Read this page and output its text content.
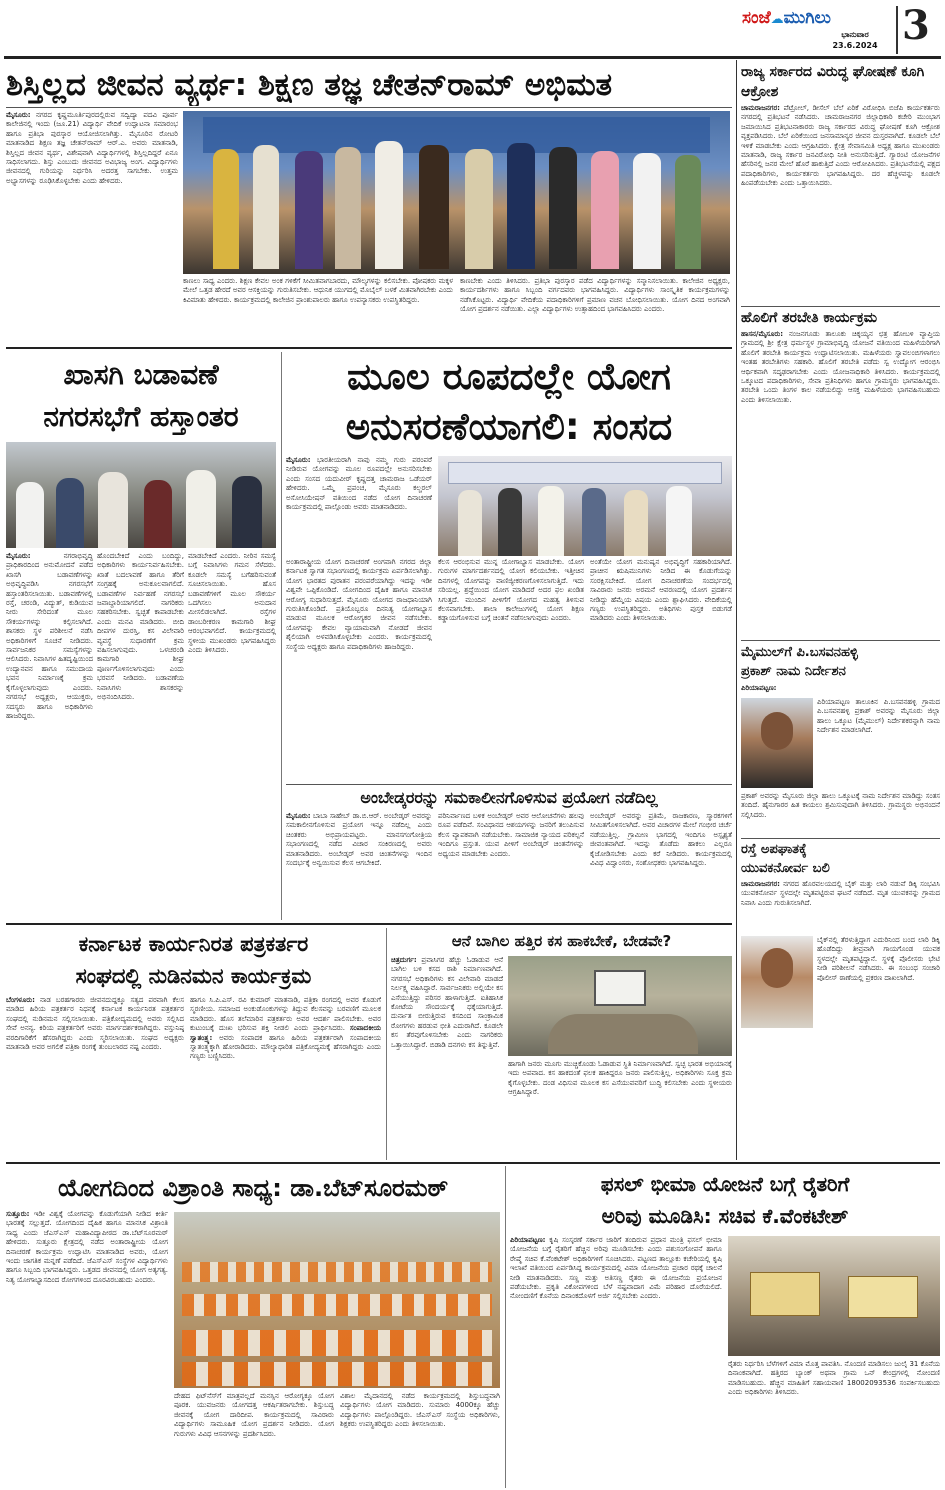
ಸಂಜೆ☁ಮುಗಿಲು
ಭಾನುವಾರ
23.6.2024 3
ಶಿಸ್ತಿಲ್ಲದ ಜೀವನ ವ್ಯರ್ಥ: ಶಿಕ್ಷಣ ತಜ್ಞ ಚೇತನ್‌ರಾಮ್ ಅಭಿಮತ
ಮೈಸೂರು: ನಗರದ ಕೃಷ್ಣಮೂರ್ತಿಪುರದಲ್ಲಿರುವ ಸದ್ವಿದ್ಯಾ ಪದವಿ ಪೂರ್ವ ಕಾಲೇಜಿನಲ್ಲಿ ಇಂದು (ಜೂ.21) ವಿದ್ಯಾರ್ಥಿ ವೇದಿಕೆ ಉದ್ಘಾಟನಾ ಸಮಾರಂಭ ಹಾಗೂ ಪ್ರತಿಭಾ ಪುರಸ್ಕಾರ ಆಯೋಜಿಸಲಾಗಿತ್ತು. ಮೈಸೂರಿನ ರೋಟರಿ ಮಾತನಾಡಿದ ಶಿಕ್ಷಣ ತಜ್ಞ ಚೇತನ್‌ರಾಮ್ ಆರ್.ಎ. ಅವರು ಮಾತನಾಡಿ, ಶಿಸ್ತಿಲ್ಲದ ಜೀವನ ವ್ಯರ್ಥ, ವಿಶೇಷವಾಗಿ ವಿದ್ಯಾರ್ಥಿಗಳಲ್ಲಿ ಶಿಸ್ತಿಲ್ಲದಿದ್ದರೆ ಏನೂ ಸಾಧಿಸಲಾಗದು. ಶಿಸ್ತು ಎಂಬುದು ಜೀವನದ ಅವಿಭಾಜ್ಯ ಅಂಗ. ವಿದ್ಯಾರ್ಥಿಗಳು ಜೀವನದಲ್ಲಿ ಗುರಿಯನ್ನು ನಿರ್ಧರಿಸಿ ಅದರತ್ತ ಸಾಗಬೇಕು. ಉತ್ತಮ ಅಭ್ಯಾಸಗಳನ್ನು ರೂಢಿಸಿಕೊಳ್ಳಬೇಕು ಎಂದು ಹೇಳಿದರು.
ಕಾಣಲು ಸಾಧ್ಯ ಎಂದರು. ಶಿಕ್ಷಣ ಕೇವಲ ಅಂಕ ಗಳಿಕೆಗೆ ಸೀಮಿತವಾಗಬಾರದು, ಮೌಲ್ಯಗಳನ್ನು ಕಲಿಸಬೇಕು. ಪೋಷಕರು ಮಕ್ಕಳ ಮೇಲೆ ಒತ್ತಡ ಹೇರದೆ ಅವರ ಆಸಕ್ತಿಯನ್ನು ಗುರುತಿಸಬೇಕು. ಆಧುನಿಕ ಯುಗದಲ್ಲಿ ಮೊಬೈಲ್ ಬಳಕೆ ಮಿತವಾಗಿರಬೇಕು ಎಂದು ಕಿವಿಮಾತು ಹೇಳಿದರು. ಕಾರ್ಯಕ್ರಮದಲ್ಲಿ ಕಾಲೇಜಿನ ಪ್ರಾಂಶುಪಾಲರು ಹಾಗೂ ಉಪನ್ಯಾಸಕರು ಉಪಸ್ಥಿತರಿದ್ದರು.
ಕಾಣಬೇಕು ಎಂದು ತಿಳಿಸಿದರು. ಪ್ರತಿಭಾ ಪುರಸ್ಕಾರ ಪಡೆದ ವಿದ್ಯಾರ್ಥಿಗಳನ್ನು ಸನ್ಮಾನಿಸಲಾಯಿತು. ಕಾಲೇಜಿನ ಅಧ್ಯಕ್ಷರು, ಕಾರ್ಯದರ್ಶಿಗಳು ಹಾಗೂ ಸಿಬ್ಬಂದಿ ವರ್ಗದವರು ಭಾಗವಹಿಸಿದ್ದರು. ವಿದ್ಯಾರ್ಥಿಗಳು ಸಾಂಸ್ಕೃತಿಕ ಕಾರ್ಯಕ್ರಮಗಳನ್ನು ನಡೆಸಿಕೊಟ್ಟರು. ವಿದ್ಯಾರ್ಥಿ ವೇದಿಕೆಯ ಪದಾಧಿಕಾರಿಗಳಿಗೆ ಪ್ರಮಾಣ ವಚನ ಬೋಧಿಸಲಾಯಿತು. ಯೋಗ ದಿನದ ಅಂಗವಾಗಿ ಯೋಗ ಪ್ರದರ್ಶನ ನಡೆಯಿತು. ಎಲ್ಲಾ ವಿದ್ಯಾರ್ಥಿಗಳು ಉತ್ಸಾಹದಿಂದ ಭಾಗವಹಿಸಿದರು ಎಂದರು.
ರಾಜ್ಯ ಸರ್ಕಾರದ ವಿರುದ್ಧ ಘೋಷಣೆ ಕೂಗಿ ಆಕ್ರೋಶ
ಚಾಮರಾಜನಗರ: ಪೆಟ್ರೋಲ್, ಡೀಸೆಲ್ ಬೆಲೆ ಏರಿಕೆ ವಿರೋಧಿಸಿ ಬಿಜೆಪಿ ಕಾರ್ಯಕರ್ತರು ನಗರದಲ್ಲಿ ಪ್ರತಿಭಟನೆ ನಡೆಸಿದರು. ಚಾಮರಾಜನಗರ ಜಿಲ್ಲಾಧಿಕಾರಿ ಕಚೇರಿ ಮುಂಭಾಗ ಜಮಾಯಿಸಿದ ಪ್ರತಿಭಟನಾಕಾರರು ರಾಜ್ಯ ಸರ್ಕಾರದ ವಿರುದ್ಧ ಘೋಷಣೆ ಕೂಗಿ ಆಕ್ರೋಶ ವ್ಯಕ್ತಪಡಿಸಿದರು. ಬೆಲೆ ಏರಿಕೆಯಿಂದ ಜನಸಾಮಾನ್ಯರ ಜೀವನ ದುಸ್ತರವಾಗಿದೆ. ಕೂಡಲೇ ಬೆಲೆ ಇಳಿಕೆ ಮಾಡಬೇಕು ಎಂದು ಆಗ್ರಹಿಸಿದರು. ಕ್ಷೇತ್ರ ಸೇವಾಸಮಿತಿ ಅಧ್ಯಕ್ಷ ಹಾಗೂ ಮುಖಂಡರು ಮಾತನಾಡಿ, ರಾಜ್ಯ ಸರ್ಕಾರ ಜನವಿರೋಧಿ ನೀತಿ ಅನುಸರಿಸುತ್ತಿದೆ. ಗ್ಯಾರಂಟಿ ಯೋಜನೆಗಳ ಹೆಸರಿನಲ್ಲಿ ಜನರ ಮೇಲೆ ಹೊರೆ ಹಾಕುತ್ತಿದೆ ಎಂದು ಆರೋಪಿಸಿದರು. ಪ್ರತಿಭಟನೆಯಲ್ಲಿ ಪಕ್ಷದ ಪದಾಧಿಕಾರಿಗಳು, ಕಾರ್ಯಕರ್ತರು ಭಾಗವಹಿಸಿದ್ದರು. ದರ ಹೆಚ್ಚಳವನ್ನು ಕೂಡಲೇ ಹಿಂಪಡೆಯಬೇಕು ಎಂದು ಒತ್ತಾಯಿಸಿದರು.
ಹೊಲಿಗೆ ತರಬೇತಿ ಕಾರ್ಯಕ್ರಮ
ಹಾಸನ/ಮೈಸೂರು: ನಂಜನಗೂಡು ತಾಲೂಕು ಚಿಕ್ಕಯ್ಯನ ಛತ್ರ ಹೋಬಳಿ ವ್ಯಾಪ್ತಿಯ ಗ್ರಾಮದಲ್ಲಿ ಶ್ರೀ ಕ್ಷೇತ್ರ ಧರ್ಮಸ್ಥಳ ಗ್ರಾಮಾಭಿವೃದ್ಧಿ ಯೋಜನೆ ವತಿಯಿಂದ ಮಹಿಳೆಯರಿಗಾಗಿ ಹೊಲಿಗೆ ತರಬೇತಿ ಕಾರ್ಯಕ್ರಮ ಉದ್ಘಾಟಿಸಲಾಯಿತು. ಮಹಿಳೆಯರು ಸ್ವಾವಲಂಬಿಗಳಾಗಲು ಇಂತಹ ತರಬೇತಿಗಳು ಸಹಕಾರಿ. ಹೊಲಿಗೆ ತರಬೇತಿ ಪಡೆದು ಸ್ವ ಉದ್ಯೋಗ ಆರಂಭಿಸಿ ಆರ್ಥಿಕವಾಗಿ ಸದೃಢರಾಗಬೇಕು ಎಂದು ಯೋಜನಾಧಿಕಾರಿ ತಿಳಿಸಿದರು. ಕಾರ್ಯಕ್ರಮದಲ್ಲಿ ಒಕ್ಕೂಟದ ಪದಾಧಿಕಾರಿಗಳು, ಸೇವಾ ಪ್ರತಿನಿಧಿಗಳು ಹಾಗೂ ಗ್ರಾಮಸ್ಥರು ಭಾಗವಹಿಸಿದ್ದರು. ತರಬೇತಿ ಒಂದು ತಿಂಗಳ ಕಾಲ ನಡೆಯಲಿದ್ದು ಆಸಕ್ತ ಮಹಿಳೆಯರು ಭಾಗವಹಿಸಬಹುದು ಎಂದು ತಿಳಿಸಲಾಯಿತು.
ಮೈಮುಲ್‌ಗೆ ಪಿ.ಬಸವನಹಳ್ಳಿ
ಪ್ರಕಾಶ್ ನಾಮ ನಿರ್ದೇಶನ
ಪಿರಿಯಾಪಟ್ಟಣ:
ಪಿರಿಯಾಪಟ್ಟಣ ತಾಲೂಕಿನ ಪಿ.ಬಸವನಹಳ್ಳಿ ಗ್ರಾಮದ ಪಿ.ಬಸವನಹಳ್ಳಿ ಪ್ರಕಾಶ್ ಅವರನ್ನು ಮೈಸೂರು ಜಿಲ್ಲಾ ಹಾಲು ಒಕ್ಕೂಟ (ಮೈಮುಲ್) ನಿರ್ದೇಶಕರನ್ನಾಗಿ ನಾಮ ನಿರ್ದೇಶನ ಮಾಡಲಾಗಿದೆ.
ಪ್ರಕಾಶ್ ಅವರನ್ನು ಮೈಸೂರು ಜಿಲ್ಲಾ ಹಾಲು ಒಕ್ಕೂಟಕ್ಕೆ ನಾಮ ನಿರ್ದೇಶನ ಮಾಡಿದ್ದು ಸಂತಸ ತಂದಿದೆ. ಹೈನುಗಾರರ ಹಿತ ಕಾಯಲು ಶ್ರಮಿಸುವುದಾಗಿ ತಿಳಿಸಿದರು. ಗ್ರಾಮಸ್ಥರು ಅಭಿನಂದನೆ ಸಲ್ಲಿಸಿದರು.
ರಸ್ತೆ ಅಪಘಾತಕ್ಕೆ
ಯುವಕನೋರ್ವ ಬಲಿ
ಚಾಮರಾಜನಗರ: ನಗರದ ಹೊರವಲಯದಲ್ಲಿ ಬೈಕ್ ಮತ್ತು ಲಾರಿ ನಡುವೆ ಡಿಕ್ಕಿ ಸಂಭವಿಸಿ ಯುವಕನೋರ್ವ ಸ್ಥಳದಲ್ಲೇ ಮೃತಪಟ್ಟಿರುವ ಘಟನೆ ನಡೆದಿದೆ. ಮೃತ ಯುವಕನನ್ನು ಗ್ರಾಮದ ನಿವಾಸಿ ಎಂದು ಗುರುತಿಸಲಾಗಿದೆ.
ಬೈಕ್‌ನಲ್ಲಿ ತೆರಳುತ್ತಿದ್ದಾಗ ಎದುರಿನಿಂದ ಬಂದ ಲಾರಿ ಡಿಕ್ಕಿ ಹೊಡೆದಿದ್ದು ತೀವ್ರವಾಗಿ ಗಾಯಗೊಂಡ ಯುವಕ ಸ್ಥಳದಲ್ಲೇ ಮೃತಪಟ್ಟಿದ್ದಾನೆ. ಸ್ಥಳಕ್ಕೆ ಪೊಲೀಸರು ಭೇಟಿ ನೀಡಿ ಪರಿಶೀಲನೆ ನಡೆಸಿದರು. ಈ ಸಂಬಂಧ ಸಂಚಾರಿ ಪೊಲೀಸ್ ಠಾಣೆಯಲ್ಲಿ ಪ್ರಕರಣ ದಾಖಲಾಗಿದೆ.
ಖಾಸಗಿ ಬಡಾವಣೆ
ನಗರಸಭೆಗೆ ಹಸ್ತಾಂತರ
ಮೈಸೂರು:	ನಗರಾಭಿವೃದ್ಧಿ ಪ್ರಾಧಿಕಾರದಿಂದ ಅನುಮೋದನೆ ಪಡೆದ ಖಾಸಗಿ ಬಡಾವಣೆಗಳನ್ನು ಅಭಿವೃದ್ಧಿಪಡಿಸಿ ನಗರಸಭೆಗೆ ಹಸ್ತಾಂತರಿಸಲಾಯಿತು. ಬಡಾವಣೆಗಳಲ್ಲಿ ರಸ್ತೆ, ಚರಂಡಿ, ವಿದ್ಯುತ್, ಕುಡಿಯುವ ನೀರು ಸೇರಿದಂತೆ ಮೂಲ ಸೌಕರ್ಯಗಳನ್ನು ಕಲ್ಪಿಸಲಾಗಿದೆ. ಶಾಸಕರು ಸ್ಥಳ ಪರಿಶೀಲನೆ ನಡೆಸಿ ಅಧಿಕಾರಿಗಳಿಗೆ ಸೂಚನೆ ನೀಡಿದರು. ಸಾರ್ವಜನಿಕರ ಸಮಸ್ಯೆಗಳನ್ನು ಆಲಿಸಿದರು. ನಿವಾಸಿಗಳ ಹಿತದೃಷ್ಟಿಯಿಂದ ಉದ್ಯಾನವನ ಹಾಗೂ ಸಮುದಾಯ ಭವನ ನಿರ್ಮಾಣಕ್ಕೆ ಕ್ರಮ ಕೈಗೊಳ್ಳಲಾಗುವುದು ಎಂದರು. ನಗರಸಭೆ ಅಧ್ಯಕ್ಷರು, ಆಯುಕ್ತರು, ಸದಸ್ಯರು ಹಾಗೂ ಅಧಿಕಾರಿಗಳು ಹಾಜರಿದ್ದರು.
ಹೊಂದಬೇಕಿದೆ ಎಂದು ಬಂದಿದ್ದು, ಅಧಿಕಾರಿಗಳು ಕಾರ್ಯನಿರ್ವಹಿಸಬೇಕು. ಖಾತೆ ಬದಲಾವಣೆ ಹಾಗೂ ತೆರಿಗೆ ಸಂಗ್ರಹಕ್ಕೆ ಅನುಕೂಲವಾಗಲಿದೆ. ಬಡಾವಣೆಗಳ ನಿರ್ವಹಣೆ ನಗರಸಭೆ ಜವಾಬ್ದಾರಿಯಾಗಲಿದೆ. ನಾಗರಿಕರು ಸಹಕರಿಸಬೇಕು. ಸ್ವಚ್ಛತೆ ಕಾಪಾಡಬೇಕು ಎಂದು ಮನವಿ ಮಾಡಿದರು. ಬೀದಿ ದೀಪಗಳ ದುರಸ್ತಿ, ಕಸ ವಿಲೇವಾರಿ ವ್ಯವಸ್ಥೆ ಸುಧಾರಣೆಗೆ ಕ್ರಮ ವಹಿಸಲಾಗುವುದು. ಒಳಚರಂಡಿ ಕಾಮಗಾರಿ ಶೀಘ್ರ ಪೂರ್ಣಗೊಳಿಸಲಾಗುವುದು ಎಂದು ಭರವಸೆ ನೀಡಿದರು. ಬಡಾವಣೆಯ ನಿವಾಸಿಗಳು ಶಾಸಕರನ್ನು ಅಭಿನಂದಿಸಿದರು.
ಮಾಡಬೇಕಿದೆ ಎಂದರು. ನೀರಿನ ಸಮಸ್ಯೆ ಬಗ್ಗೆ ನಿವಾಸಿಗಳು ಗಮನ ಸೆಳೆದರು. ಕೂಡಲೇ ಸಮಸ್ಯೆ ಬಗೆಹರಿಸುವಂತೆ ಸೂಚಿಸಲಾಯಿತು. ಹೊಸ ಬಡಾವಣೆಗಳಿಗೆ ಮೂಲ ಸೌಕರ್ಯ ಒದಗಿಸಲು ಅನುದಾನ ಮೀಸಲಿಡಲಾಗಿದೆ. ರಸ್ತೆಗಳ ಡಾಂಬರೀಕರಣ ಕಾಮಗಾರಿ ಶೀಘ್ರ ಆರಂಭವಾಗಲಿದೆ. ಕಾರ್ಯಕ್ರಮದಲ್ಲಿ ಸ್ಥಳೀಯ ಮುಖಂಡರು ಭಾಗವಹಿಸಿದ್ದರು ಎಂದು ತಿಳಿಸಿದರು.
ಮೂಲ ರೂಪದಲ್ಲೇ ಯೋಗ
ಅನುಸರಣೆಯಾಗಲಿ: ಸಂಸದ
ಮೈಸೂರು: ಭಾರತೀಯರಾಗಿ ನಾವು ನಮ್ಮ ಗುರು ಪರಂಪರೆ ನೀಡಿರುವ ಯೋಗವನ್ನು ಮೂಲ ರೂಪದಲ್ಲೇ ಅನುಸರಿಸಬೇಕು ಎಂದು ಸಂಸದ ಯದುವೀರ್ ಕೃಷ್ಣದತ್ತ ಚಾಮರಾಜ ಒಡೆಯರ್ ಹೇಳಿದರು. ಒಮ್ಮೆ ಪ್ರಪಂಚ, ಮೈಸೂರು ಕಲ್ಚರಲ್ ಅಸೋಸಿಯೇಷನ್ ವತಿಯಿಂದ ನಡೆದ ಯೋಗ ದಿನಾಚರಣೆ ಕಾರ್ಯಕ್ರಮದಲ್ಲಿ ಪಾಲ್ಗೊಂಡು ಅವರು ಮಾತನಾಡಿದರು.
ಅಂತಾರಾಷ್ಟ್ರೀಯ ಯೋಗ ದಿನಾಚರಣೆ ಅಂಗವಾಗಿ ನಗರದ ಜಿಲ್ಲಾ ಕರ್ನಾಟಕ ಸ್ವಾಗತ ಸಭಾಂಗಣದಲ್ಲಿ ಕಾರ್ಯಕ್ರಮ ಏರ್ಪಡಿಸಲಾಗಿತ್ತು. ಯೋಗ ಭಾರತದ ಪುರಾತನ ಪರಂಪರೆಯಾಗಿದ್ದು ಇದನ್ನು ಇಡೀ ವಿಶ್ವವೇ ಒಪ್ಪಿಕೊಂಡಿದೆ. ಯೋಗದಿಂದ ದೈಹಿಕ ಹಾಗೂ ಮಾನಸಿಕ ಆರೋಗ್ಯ ಸುಧಾರಿಸುತ್ತದೆ. ಮೈಸೂರು ಯೋಗದ ರಾಜಧಾನಿಯಾಗಿ ಗುರುತಿಸಿಕೊಂಡಿದೆ. ಪ್ರತಿಯೊಬ್ಬರೂ ದಿನನಿತ್ಯ ಯೋಗಾಭ್ಯಾಸ ಮಾಡುವ ಮೂಲಕ ಆರೋಗ್ಯಕರ ಜೀವನ ನಡೆಸಬೇಕು. ಯೋಗವನ್ನು ಕೇವಲ ವ್ಯಾಯಾಮವಾಗಿ ನೋಡದೆ ಜೀವನ ಶೈಲಿಯಾಗಿ ಅಳವಡಿಸಿಕೊಳ್ಳಬೇಕು ಎಂದರು. ಕಾರ್ಯಕ್ರಮದಲ್ಲಿ ಸಂಸ್ಥೆಯ ಅಧ್ಯಕ್ಷರು ಹಾಗೂ ಪದಾಧಿಕಾರಿಗಳು ಹಾಜರಿದ್ದರು.
ಕೆಲಸ ಆರಂಭಿಸುವ ಮುನ್ನ ಯೋಗಾಭ್ಯಾಸ ಮಾಡಬೇಕು. ಯೋಗ ಗುರುಗಳ ಮಾರ್ಗದರ್ಶನದಲ್ಲಿ ಯೋಗ ಕಲಿಯಬೇಕು. ಇತ್ತೀಚಿನ ದಿನಗಳಲ್ಲಿ ಯೋಗವನ್ನು ವಾಣಿಜ್ಯೀಕರಣಗೊಳಿಸಲಾಗುತ್ತಿದೆ. ಇದು ಸರಿಯಲ್ಲ. ಶ್ರದ್ಧೆಯಿಂದ ಯೋಗ ಮಾಡಿದರೆ ಅದರ ಫಲ ಖಂಡಿತ ಸಿಗುತ್ತದೆ. ಮುಂದಿನ ಪೀಳಿಗೆಗೆ ಯೋಗದ ಮಹತ್ವ ತಿಳಿಸುವ ಕೆಲಸವಾಗಬೇಕು. ಶಾಲಾ ಕಾಲೇಜುಗಳಲ್ಲಿ ಯೋಗ ಶಿಕ್ಷಣ ಕಡ್ಡಾಯಗೊಳಿಸುವ ಬಗ್ಗೆ ಚಿಂತನೆ ನಡೆಸಲಾಗುವುದು ಎಂದರು.
ಅಂತೆಯೇ ಯೋಗ ಮನುಷ್ಯನ ಅಭಿವೃದ್ಧಿಗೆ ಸಹಕಾರಿಯಾಗಿದೆ. ಪ್ರಾಚೀನ ಋಷಿಮುನಿಗಳು ನೀಡಿದ ಈ ಕೊಡುಗೆಯನ್ನು ಸಂರಕ್ಷಿಸಬೇಕಿದೆ. ಯೋಗ ದಿನಾಚರಣೆಯ ಸಂದರ್ಭದಲ್ಲಿ ಸಾವಿರಾರು ಜನರು ಅರಮನೆ ಆವರಣದಲ್ಲಿ ಯೋಗ ಪ್ರದರ್ಶನ ನೀಡಿದ್ದು ಹೆಮ್ಮೆಯ ವಿಷಯ ಎಂದು ಶ್ಲಾಘಿಸಿದರು. ವೇದಿಕೆಯಲ್ಲಿ ಗಣ್ಯರು ಉಪಸ್ಥಿತರಿದ್ದರು. ಅತಿಥಿಗಳು ಪುಸ್ತಕ ಬಿಡುಗಡೆ ಮಾಡಿದರು ಎಂದು ತಿಳಿಸಲಾಯಿತು.
ಅಂಬೇಡ್ಕರರನ್ನು ಸಮಕಾಲೀನಗೊಳಿಸುವ ಪ್ರಯೋಗ ನಡೆದಿಲ್ಲ
ಮೈಸೂರು: ಬಾಬಾ ಸಾಹೇಬ್ ಡಾ.ಬಿ.ಆರ್. ಅಂಬೇಡ್ಕರ್ ಅವರನ್ನು ಸಮಕಾಲೀನಗೊಳಿಸುವ ಪ್ರಯೋಗ ಇನ್ನೂ ನಡೆದಿಲ್ಲ ಎಂದು ಚಿಂತಕರು ಅಭಿಪ್ರಾಯಪಟ್ಟರು. ಮಾನಸಗಂಗೋತ್ರಿಯ ಸಭಾಂಗಣದಲ್ಲಿ ನಡೆದ ವಿಚಾರ ಸಂಕಿರಣದಲ್ಲಿ ಅವರು ಮಾತನಾಡಿದರು. ಅಂಬೇಡ್ಕರ್ ಅವರ ಚಿಂತನೆಗಳನ್ನು ಇಂದಿನ ಸಂದರ್ಭಕ್ಕೆ ಅನ್ವಯಿಸುವ ಕೆಲಸ ಆಗಬೇಕಿದೆ.
ಪರಿನಿರ್ವಾಣದ ಬಳಿಕ ಅಂಬೇಡ್ಕರ್ ಅವರ ಆಲೋಚನೆಗಳು ಹಲವು ರೂಪ ಪಡೆದಿವೆ. ಸಂವಿಧಾನದ ಆಶಯಗಳನ್ನು ಜನರಿಗೆ ತಲುಪಿಸುವ ಕೆಲಸ ವ್ಯಾಪಕವಾಗಿ ನಡೆಯಬೇಕು. ಸಾಮಾಜಿಕ ನ್ಯಾಯದ ಪರಿಕಲ್ಪನೆ ಇಂದಿಗೂ ಪ್ರಸ್ತುತ. ಯುವ ಪೀಳಿಗೆ ಅಂಬೇಡ್ಕರ್ ಚಿಂತನೆಗಳನ್ನು ಅಧ್ಯಯನ ಮಾಡಬೇಕು ಎಂದರು.
ಅಂಬೇಡ್ಕರ್ ಅವರನ್ನು ಪ್ರತಿಮೆ, ರಾಜಕಾರಣ, ಸ್ಮಾರಕಗಳಿಗೆ ಸೀಮಿತಗೊಳಿಸಲಾಗಿದೆ. ಅವರ ವಿಚಾರಗಳ ಮೇಲೆ ಗಂಭೀರ ಚರ್ಚೆ ನಡೆಯುತ್ತಿಲ್ಲ. ಗ್ರಾಮೀಣ ಭಾಗದಲ್ಲಿ ಇಂದಿಗೂ ಅಸ್ಪೃಶ್ಯತೆ ಜೀವಂತವಾಗಿದೆ. ಇದನ್ನು ತೊಡೆದು ಹಾಕಲು ಎಲ್ಲರೂ ಕೈಜೋಡಿಸಬೇಕು ಎಂದು ಕರೆ ನೀಡಿದರು. ಕಾರ್ಯಕ್ರಮದಲ್ಲಿ ವಿವಿಧ ವಿದ್ವಾಂಸರು, ಸಂಶೋಧಕರು ಭಾಗವಹಿಸಿದ್ದರು.
ಕರ್ನಾಟಕ ಕಾರ್ಯನಿರತ ಪತ್ರಕರ್ತರ
ಸಂಘದಲ್ಲಿ ನುಡಿನಮನ ಕಾರ್ಯಕ್ರಮ
ಬೆಂಗಳೂರು: ನಾಡ ಬರಹಗಾರರು ಜೀವನದುದ್ದಕ್ಕೂ ಸತ್ಯದ ಪರವಾಗಿ ಕೆಲಸ ಮಾಡಿದ ಹಿರಿಯ ಪತ್ರಕರ್ತರ ನಿಧನಕ್ಕೆ ಕರ್ನಾಟಕ ಕಾರ್ಯನಿರತ ಪತ್ರಕರ್ತರ ಸಂಘದಲ್ಲಿ ನುಡಿನಮನ ಸಲ್ಲಿಸಲಾಯಿತು. ಪತ್ರಿಕೋದ್ಯಮದಲ್ಲಿ ಅವರು ಸಲ್ಲಿಸಿದ ಸೇವೆ ಅನನ್ಯ. ಕಿರಿಯ ಪತ್ರಕರ್ತರಿಗೆ ಅವರು ಮಾರ್ಗದರ್ಶಕರಾಗಿದ್ದರು. ವಸ್ತುನಿಷ್ಠ ವರದಿಗಾರಿಕೆಗೆ ಹೆಸರಾಗಿದ್ದರು ಎಂದು ಸ್ಮರಿಸಲಾಯಿತು. ಸಂಘದ ಅಧ್ಯಕ್ಷರು ಮಾತನಾಡಿ ಅವರ ಅಗಲಿಕೆ ಪತ್ರಿಕಾ ರಂಗಕ್ಕೆ ತುಂಬಲಾರದ ನಷ್ಟ ಎಂದರು.
ಹಾಗೂ ಸಿ.ಪಿ.ಎಸ್. ರವಿ ಕುಮಾರ್ ಮಾತನಾಡಿ, ಪತ್ರಿಕಾ ರಂಗದಲ್ಲಿ ಅವರ ಕೊಡುಗೆ ಸ್ಮರಣೀಯ. ಸಮಾಜದ ಅಂಕುಡೊಂಕುಗಳನ್ನು ತಿದ್ದುವ ಕೆಲಸವನ್ನು ಬರವಣಿಗೆ ಮೂಲಕ ಮಾಡಿದರು. ಹೊಸ ತಲೆಮಾರಿನ ಪತ್ರಕರ್ತರು ಅವರ ಆದರ್ಶ ಪಾಲಿಸಬೇಕು. ಅವರ ಕುಟುಂಬಕ್ಕೆ ದುಃಖ ಭರಿಸುವ ಶಕ್ತಿ ನೀಡಲಿ ಎಂದು ಪ್ರಾರ್ಥಿಸಿದರು. ಸಂಪಾದಕೀಯ ಸ್ವಾತಂತ್ರ್ಯ: ಅವರು ಸಂಪಾದಕ ಹಾಗೂ ಹಿರಿಯ ಪತ್ರಕರ್ತರಾಗಿ ಸಂಪಾದಕೀಯ ಸ್ವಾತಂತ್ರ್ಯಕ್ಕಾಗಿ ಹೋರಾಡಿದರು. ಮೌಲ್ಯಾಧಾರಿತ ಪತ್ರಿಕೋದ್ಯಮಕ್ಕೆ ಹೆಸರಾಗಿದ್ದರು ಎಂದು ಗಣ್ಯರು ಬಣ್ಣಿಸಿದರು.
ಆನೆ ಬಾಗಿಲ ಹತ್ತಿರ ಕಸ ಹಾಕಬೇಕೆ, ಬೇಡವೇ?
ಚಿತ್ರದುರ್ಗ: ಪ್ರವಾಸಿಗರ ಹೆಚ್ಚು ಓಡಾಡುವ ಆನೆ ಬಾಗಿಲ ಬಳಿ ಕಸದ ರಾಶಿ ನಿರ್ಮಾಣವಾಗಿದೆ. ನಗರಸಭೆ ಅಧಿಕಾರಿಗಳು ಕಸ ವಿಲೇವಾರಿ ಮಾಡದೆ ನಿರ್ಲಕ್ಷ್ಯ ವಹಿಸಿದ್ದಾರೆ. ಸಾರ್ವಜನಿಕರು ಅಲ್ಲಿಯೇ ಕಸ ಎಸೆಯುತ್ತಿದ್ದು ಪರಿಸರ ಹಾಳಾಗುತ್ತಿದೆ. ಐತಿಹಾಸಿಕ ಕೋಟೆಯ ಸೌಂದರ್ಯಕ್ಕೆ ಧಕ್ಕೆಯಾಗುತ್ತಿದೆ. ದುರ್ನಾತ ಬೀರುತ್ತಿರುವ ಕಸದಿಂದ ಸಾಂಕ್ರಾಮಿಕ ರೋಗಗಳು ಹರಡುವ ಭೀತಿ ಎದುರಾಗಿದೆ. ಕೂಡಲೇ ಕಸ ತೆರವುಗೊಳಿಸಬೇಕು ಎಂದು ನಾಗರಿಕರು ಒತ್ತಾಯಿಸಿದ್ದಾರೆ. ಬಿಡಾಡಿ ದನಗಳು ಕಸ ತಿನ್ನುತ್ತಿವೆ.
ಹಾಗಾಗಿ ಜನರು ಮೂಗು ಮುಚ್ಚಿಕೊಂಡು ಓಡಾಡುವ ಸ್ಥಿತಿ ನಿರ್ಮಾಣವಾಗಿದೆ. ಸ್ವಚ್ಛ ಭಾರತ ಅಭಿಯಾನಕ್ಕೆ ಇದು ಅಪವಾದ. ಕಸ ಹಾಕದಂತೆ ಫಲಕ ಹಾಕಿದ್ದರೂ ಜನರು ಪಾಲಿಸುತ್ತಿಲ್ಲ. ಅಧಿಕಾರಿಗಳು ಸೂಕ್ತ ಕ್ರಮ ಕೈಗೊಳ್ಳಬೇಕು. ದಂಡ ವಿಧಿಸುವ ಮೂಲಕ ಕಸ ಎಸೆಯುವವರಿಗೆ ಬುದ್ಧಿ ಕಲಿಸಬೇಕು ಎಂದು ಸ್ಥಳೀಯರು ಆಗ್ರಹಿಸಿದ್ದಾರೆ.
ಯೋಗದಿಂದ ವಿಶ್ರಾಂತಿ ಸಾಧ್ಯ: ಡಾ.ಬೆಟ್‌ಸೂರಮಠ್
ಸುತ್ತೂರು: ಇಡೀ ವಿಶ್ವಕ್ಕೆ ಯೋಗವನ್ನು ಕೊಡುಗೆಯಾಗಿ ನೀಡಿದ ಕೀರ್ತಿ ಭಾರತಕ್ಕೆ ಸಲ್ಲುತ್ತದೆ. ಯೋಗದಿಂದ ದೈಹಿಕ ಹಾಗೂ ಮಾನಸಿಕ ವಿಶ್ರಾಂತಿ ಸಾಧ್ಯ ಎಂದು ಜೆಎಸ್ಎಸ್ ಮಹಾವಿದ್ಯಾಪೀಠದ ಡಾ.ಬೆಟ್‌ಸೂರಮಠ್ ಹೇಳಿದರು. ಸುತ್ತೂರು ಕ್ಷೇತ್ರದಲ್ಲಿ ನಡೆದ ಅಂತಾರಾಷ್ಟ್ರೀಯ ಯೋಗ ದಿನಾಚರಣೆ ಕಾರ್ಯಕ್ರಮ ಉದ್ಘಾಟಿಸಿ ಮಾತನಾಡಿದ ಅವರು, ಯೋಗ ಇಂದು ಜಾಗತಿಕ ಮನ್ನಣೆ ಪಡೆದಿದೆ. ಜೆಎಸ್ಎಸ್ ಸಂಸ್ಥೆಗಳ ವಿದ್ಯಾರ್ಥಿಗಳು ಹಾಗೂ ಸಿಬ್ಬಂದಿ ಭಾಗವಹಿಸಿದ್ದರು. ಒತ್ತಡದ ಜೀವನದಲ್ಲಿ ಯೋಗ ಅತ್ಯಗತ್ಯ. ನಿತ್ಯ ಯೋಗಾಭ್ಯಾಸದಿಂದ ರೋಗಗಳಿಂದ ದೂರವಿರಬಹುದು ಎಂದರು.
ದೇಹದ ಫಿಟ್‌ನೆಸ್‌ಗೆ ಮಾತ್ರವಲ್ಲದೆ ಮನಸ್ಸಿನ ಆರೋಗ್ಯಕ್ಕೂ ಯೋಗ ಪೂರಕ. ಯುವಜನರು ಯೋಗದತ್ತ ಆಕರ್ಷಿತರಾಗಬೇಕು. ಶಿಸ್ತುಬದ್ಧ ಜೀವನಕ್ಕೆ ಯೋಗ ದಾರಿದೀಪ. ಕಾರ್ಯಕ್ರಮದಲ್ಲಿ ಸಾವಿರಾರು ವಿದ್ಯಾರ್ಥಿಗಳು ಸಾಮೂಹಿಕ ಯೋಗ ಪ್ರದರ್ಶನ ನೀಡಿದರು. ಯೋಗ ಗುರುಗಳು ವಿವಿಧ ಆಸನಗಳನ್ನು ಪ್ರದರ್ಶಿಸಿದರು.
ವಿಶಾಲ ಮೈದಾನದಲ್ಲಿ ನಡೆದ ಕಾರ್ಯಕ್ರಮದಲ್ಲಿ ಶಿಸ್ತುಬದ್ಧವಾಗಿ ವಿದ್ಯಾರ್ಥಿಗಳು ಯೋಗ ಮಾಡಿದರು. ಸುಮಾರು 4000ಕ್ಕೂ ಹೆಚ್ಚು ವಿದ್ಯಾರ್ಥಿಗಳು ಪಾಲ್ಗೊಂಡಿದ್ದರು. ಜೆಎಸ್ಎಸ್ ಸಂಸ್ಥೆಯ ಅಧಿಕಾರಿಗಳು, ಶಿಕ್ಷಕರು ಉಪಸ್ಥಿತರಿದ್ದರು ಎಂದು ತಿಳಿಸಲಾಯಿತು.
ಫಸಲ್ ಭೀಮಾ ಯೋಜನೆ ಬಗ್ಗೆ ರೈತರಿಗೆ
ಅರಿವು ಮೂಡಿಸಿ: ಸಚಿವ ಕೆ.ವೆಂಕಟೇಶ್
ಪಿರಿಯಾಪಟ್ಟಣ: ಕೃಷಿ ಸಂಸ್ಕರಣೆ ಸರ್ಕಾರ ಜಾರಿಗೆ ತಂದಿರುವ ಪ್ರಧಾನ ಮಂತ್ರಿ ಫಸಲ್ ಭೀಮಾ ಯೋಜನೆಯ ಬಗ್ಗೆ ರೈತರಿಗೆ ಹೆಚ್ಚಿನ ಅರಿವು ಮೂಡಿಸಬೇಕು ಎಂದು ಪಶುಸಂಗೋಪನೆ ಹಾಗೂ ರೇಷ್ಮೆ ಸಚಿವ ಕೆ.ವೆಂಕಟೇಶ್ ಅಧಿಕಾರಿಗಳಿಗೆ ಸೂಚಿಸಿದರು. ಪಟ್ಟಣದ ತಾಲ್ಲೂಕು ಕಚೇರಿಯಲ್ಲಿ ಕೃಷಿ ಇಲಾಖೆ ವತಿಯಿಂದ ಏರ್ಪಡಿಸಿದ್ದ ಕಾರ್ಯಕ್ರಮದಲ್ಲಿ ವಿಮಾ ಯೋಜನೆಯ ಪ್ರಚಾರ ರಥಕ್ಕೆ ಚಾಲನೆ ನೀಡಿ ಮಾತನಾಡಿದರು. ಸಣ್ಣ ಮತ್ತು ಅತಿಸಣ್ಣ ರೈತರು ಈ ಯೋಜನೆಯ ಪ್ರಯೋಜನ ಪಡೆಯಬೇಕು. ಪ್ರಕೃತಿ ವಿಕೋಪಗಳಿಂದ ಬೆಳೆ ನಷ್ಟವಾದಾಗ ವಿಮೆ ಪರಿಹಾರ ದೊರೆಯಲಿದೆ. ನೋಂದಣಿಗೆ ಕೊನೆಯ ದಿನಾಂಕದೊಳಗೆ ಅರ್ಜಿ ಸಲ್ಲಿಸಬೇಕು ಎಂದರು.
ರೈತರು ನಿರ್ಧರಿಸಿ ಬೆಳೆಗಳಿಗೆ ವಿಮಾ ಮೊತ್ತ ಪಾವತಿಸಿ. ನೊಂದಣಿ ಮಾಡಿಸಲು ಜುಲೈ 31 ಕೊನೆಯ ದಿನಾಂಕವಾಗಿದೆ. ಹತ್ತಿರದ ಬ್ಯಾಂಕ್ ಅಥವಾ ಗ್ರಾಮ ಒನ್ ಕೇಂದ್ರಗಳಲ್ಲಿ ನೋಂದಣಿ ಮಾಡಿಸಬಹುದು. ಹೆಚ್ಚಿನ ಮಾಹಿತಿಗೆ ಸಹಾಯವಾಣಿ 18002093536 ಸಂಪರ್ಕಿಸಬಹುದು ಎಂದು ಅಧಿಕಾರಿಗಳು ತಿಳಿಸಿದರು.
